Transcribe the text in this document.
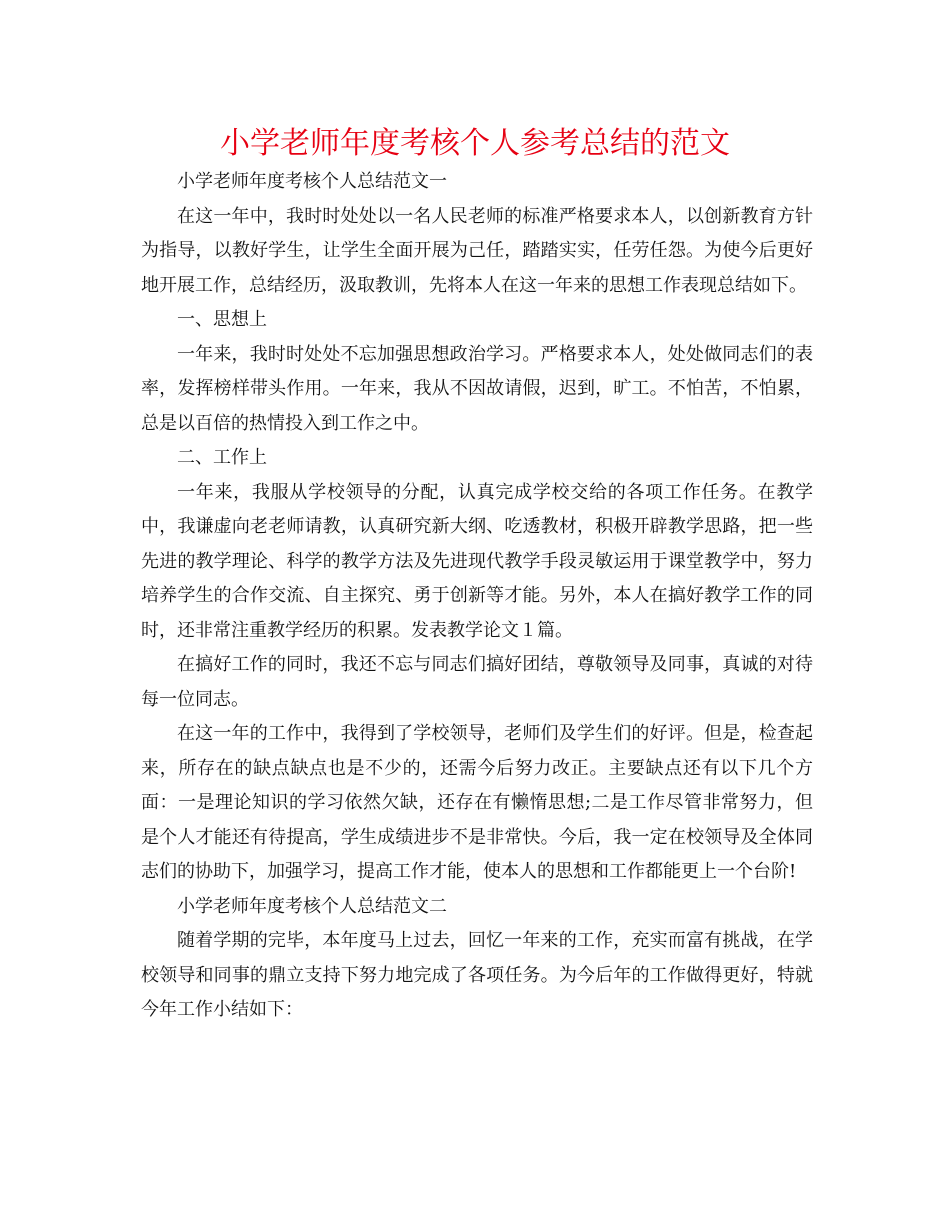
小学老师年度考核个人参考总结的范文

小学老师年度考核个人总结范文一

在这一年中，我时时处处以一名人民老师的标准严格要求本人，以创新教育方针为指导，以教好学生，让学生全面开展为己任，踏踏实实，任劳任怨。为使今后更好地开展工作，总结经历，汲取教训，先将本人在这一年来的思想工作表现总结如下。

一、思想上

一年来，我时时处处不忘加强思想政治学习。严格要求本人，处处做同志们的表率，发挥榜样带头作用。一年来，我从不因故请假，迟到，旷工。不怕苦，不怕累，总是以百倍的热情投入到工作之中。

二、工作上

一年来，我服从学校领导的分配，认真完成学校交给的各项工作任务。在教学中，我谦虚向老老师请教，认真研究新大纲、吃透教材，积极开辟教学思路，把一些先进的教学理论、科学的教学方法及先进现代教学手段灵敏运用于课堂教学中，努力培养学生的合作交流、自主探究、勇于创新等才能。另外，本人在搞好教学工作的同时，还非常注重教学经历的积累。发表教学论文１篇。

在搞好工作的同时，我还不忘与同志们搞好团结，尊敬领导及同事，真诚的对待每一位同志。

在这一年的工作中，我得到了学校领导，老师们及学生们的好评。但是，检查起来，所存在的缺点缺点也是不少的，还需今后努力改正。主要缺点还有以下几个方面：一是理论知识的学习依然欠缺，还存在有懒惰思想;二是工作尽管非常努力，但是个人才能还有待提高，学生成绩进步不是非常快。今后，我一定在校领导及全体同志们的协助下，加强学习，提高工作才能，使本人的思想和工作都能更上一个台阶!

小学老师年度考核个人总结范文二

随着学期的完毕，本年度马上过去，回忆一年来的工作，充实而富有挑战，在学校领导和同事的鼎立支持下努力地完成了各项任务。为今后年的工作做得更好，特就今年工作小结如下：
